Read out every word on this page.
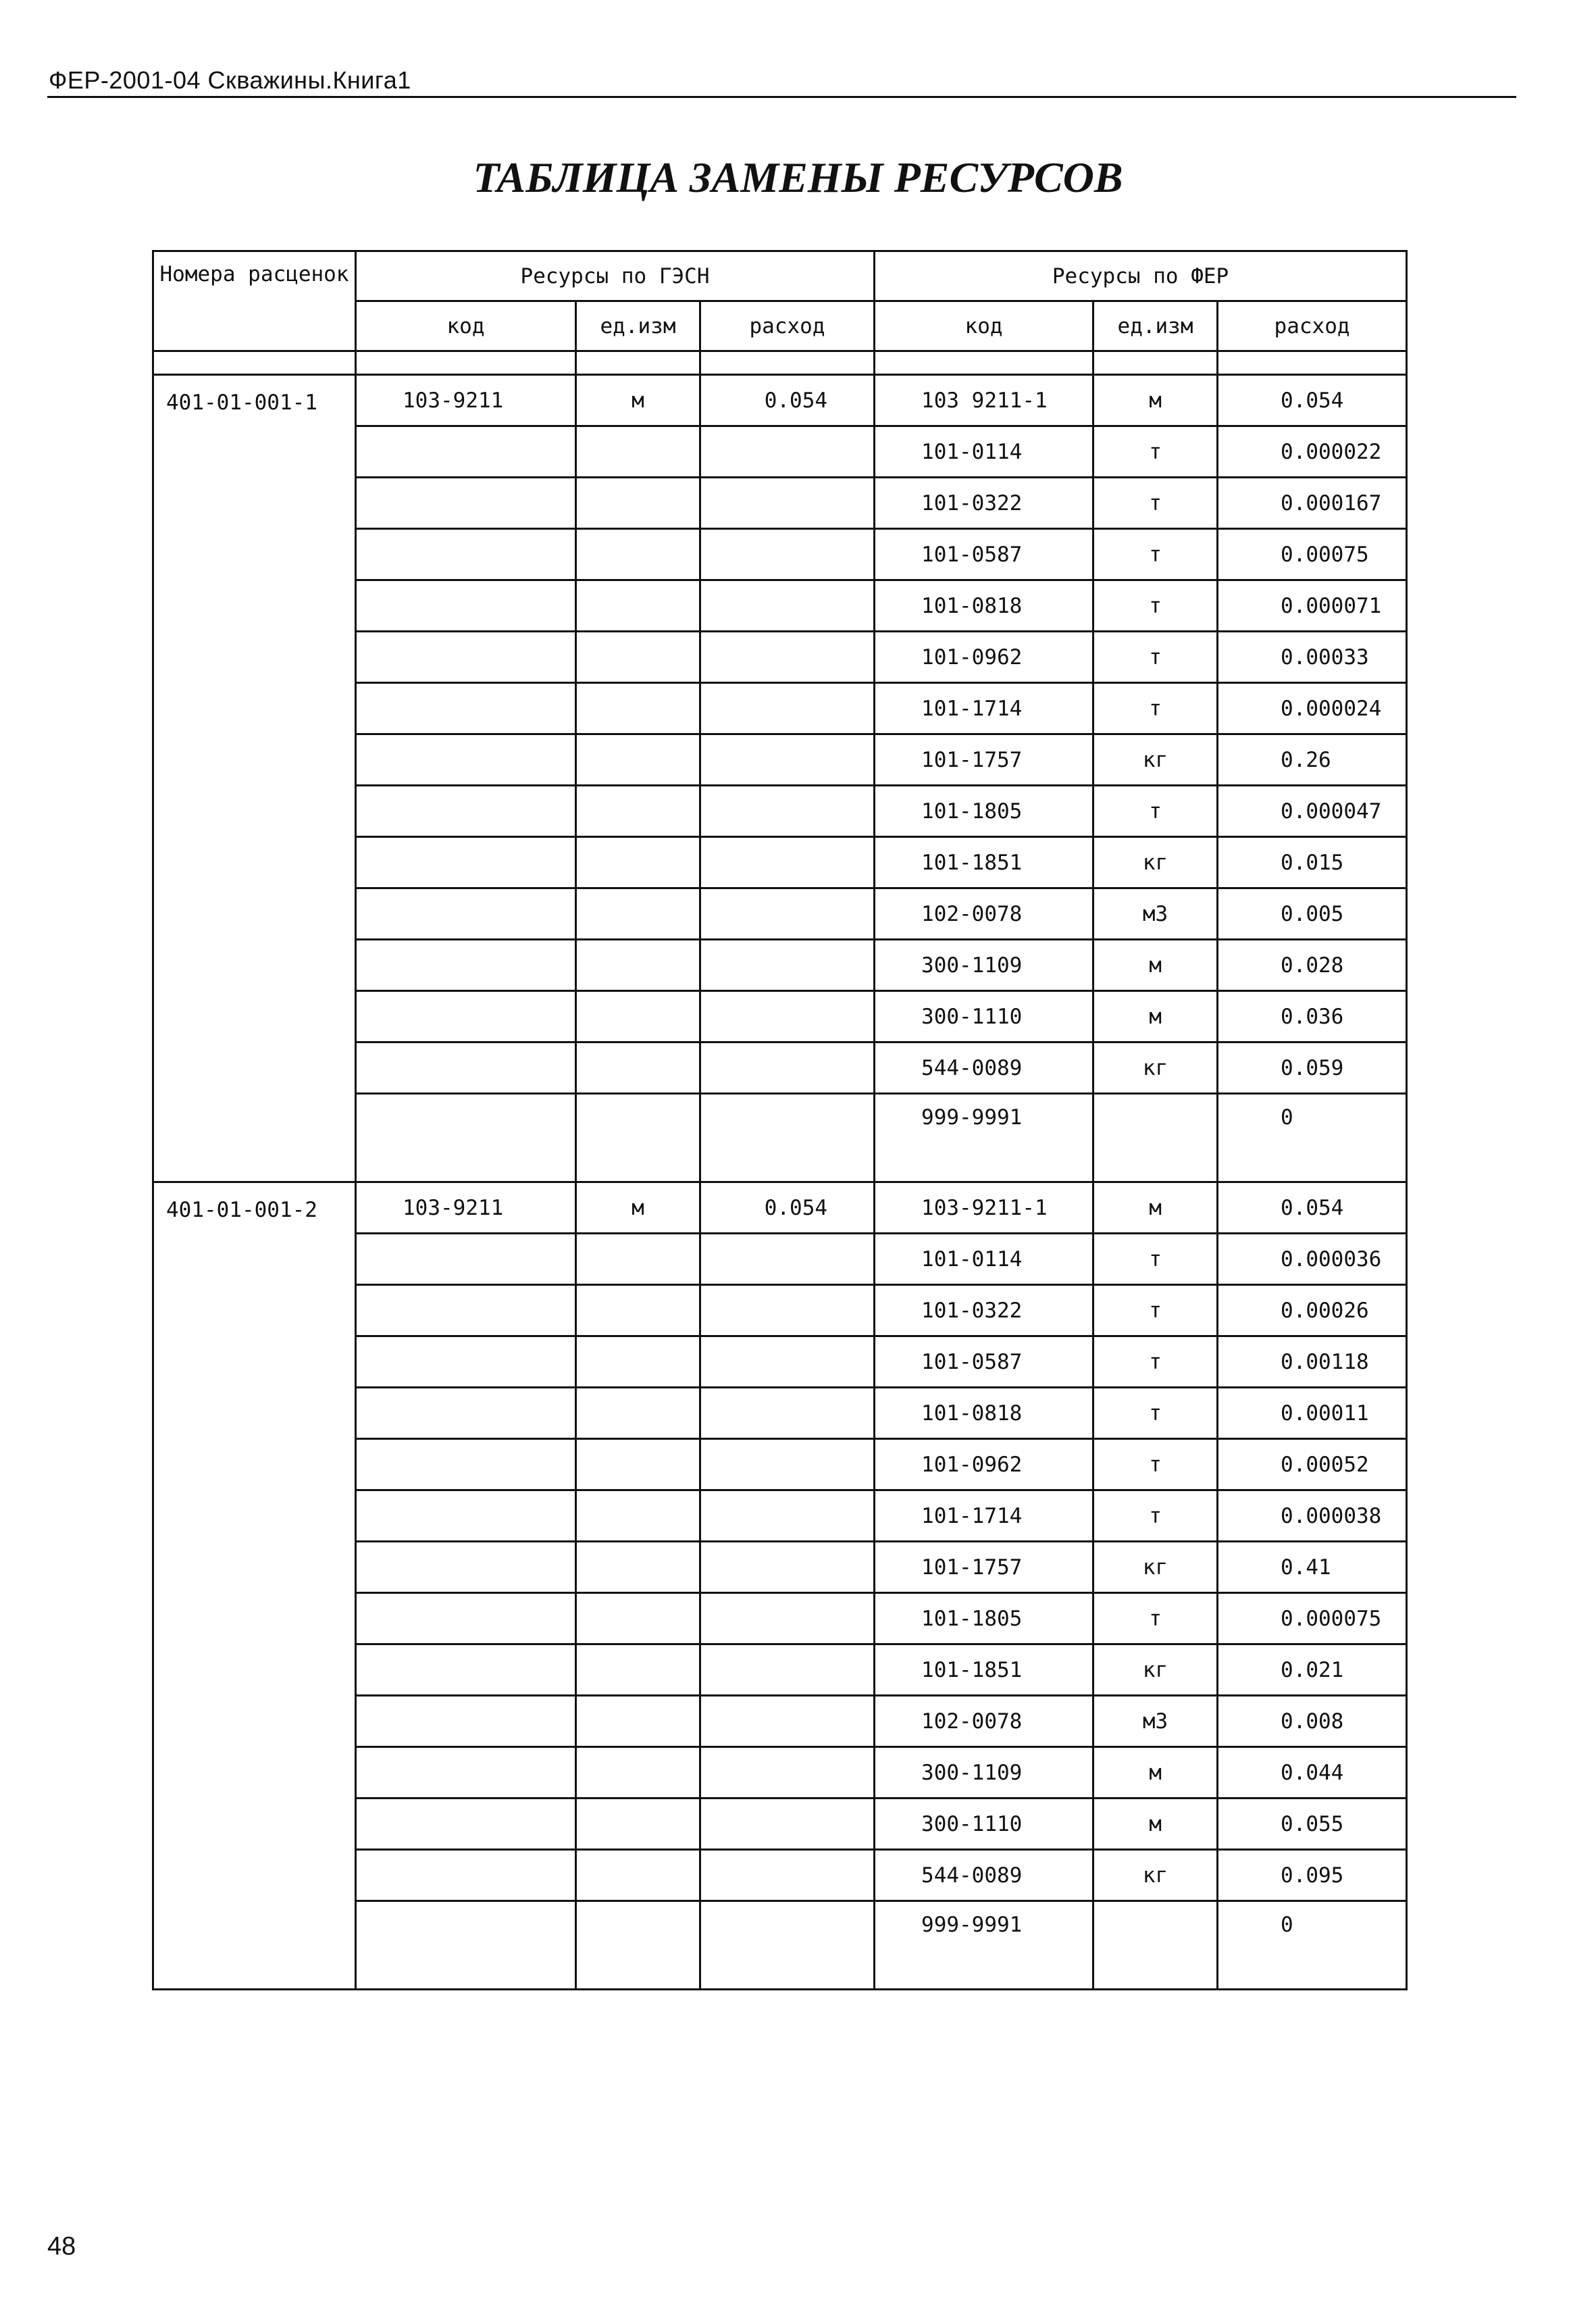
ФЕР-2001-04 Скважины.Книга1
ТАБЛИЦА ЗАМЕНЫ РЕСУРСОВ
Номера расценок	Ресурсы по ГЭСН			Ресурсы по ФЕР		
	код	ед.изм	расход	код	ед.изм	расход

401-01-001-1	103-9211	м	0.054	103 9211-1	м	0.054
				101-0114	т	0.000022
				101-0322	т	0.000167
				101-0587	т	0.00075
				101-0818	т	0.000071
				101-0962	т	0.00033
				101-1714	т	0.000024
				101-1757	кг	0.26
				101-1805	т	0.000047
				101-1851	кг	0.015
				102-0078	м3	0.005
				300-1109	м	0.028
				300-1110	м	0.036
				544-0089	кг	0.059
				999-9991		0
401-01-001-2	103-9211	м	0.054	103-9211-1	м	0.054
				101-0114	т	0.000036
				101-0322	т	0.00026
				101-0587	т	0.00118
				101-0818	т	0.00011
				101-0962	т	0.00052
				101-1714	т	0.000038
				101-1757	кг	0.41
				101-1805	т	0.000075
				101-1851	кг	0.021
				102-0078	м3	0.008
				300-1109	м	0.044
				300-1110	м	0.055
				544-0089	кг	0.095
				999-9991		0
48
